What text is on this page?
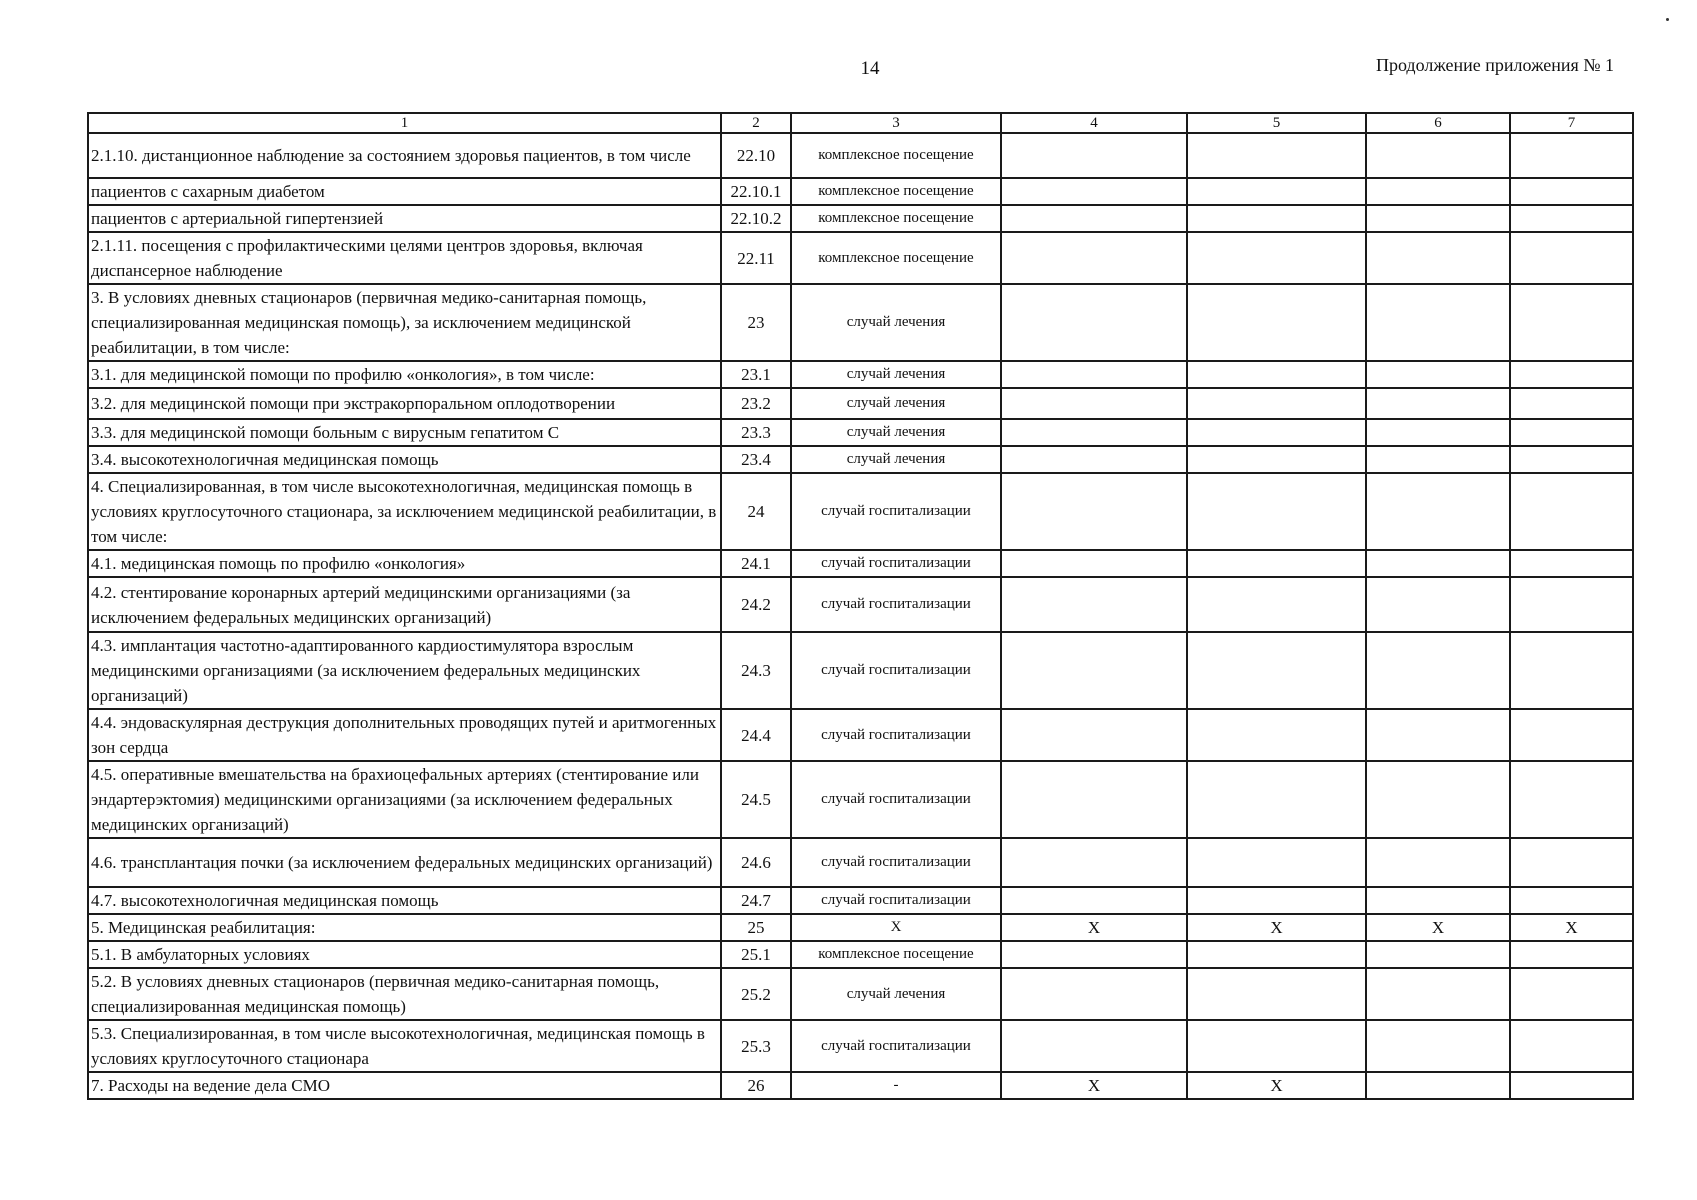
14	Продолжение приложения № 1
1	2	3	4	5	6	7
2.1.10. дистанционное наблюдение за состоянием здоровья пациентов, в том числе	22.10	комплексное посещение				
пациентов с сахарным диабетом	22.10.1	комплексное посещение				
пациентов с артериальной гипертензией	22.10.2	комплексное посещение				
2.1.11. посещения с профилактическими целями центров здоровья, включая диспансерное наблюдение	22.11	комплексное посещение				
3. В условиях дневных стационаров (первичная медико-санитарная помощь, специализированная медицинская помощь), за исключением медицинской реабилитации, в том числе:	23	случай лечения				
3.1. для медицинской помощи по профилю «онкология», в том числе:	23.1	случай лечения				
3.2. для медицинской помощи при экстракорпоральном оплодотворении	23.2	случай лечения				
3.3. для медицинской помощи больным с вирусным гепатитом С	23.3	случай лечения				
3.4. высокотехнологичная медицинская помощь	23.4	случай лечения				
4. Специализированная, в том числе высокотехнологичная, медицинская помощь в условиях круглосуточного стационара, за исключением медицинской реабилитации, в том числе:	24	случай госпитализации				
4.1. медицинская помощь по профилю «онкология»	24.1	случай госпитализации				
4.2. стентирование коронарных артерий медицинскими организациями (за исключением федеральных медицинских организаций)	24.2	случай госпитализации				
4.3. имплантация частотно-адаптированного кардиостимулятора взрослым медицинскими организациями (за исключением федеральных медицинских организаций)	24.3	случай госпитализации				
4.4. эндоваскулярная деструкция дополнительных проводящих путей и аритмогенных зон сердца	24.4	случай госпитализации				
4.5. оперативные вмешательства на брахиоцефальных артериях (стентирование или эндартерэктомия) медицинскими организациями (за исключением федеральных медицинских организаций)	24.5	случай госпитализации				
4.6. трансплантация почки (за исключением федеральных медицинских организаций)	24.6	случай госпитализации				
4.7. высокотехнологичная медицинская помощь	24.7	случай госпитализации				
5. Медицинская реабилитация:	25	X	X	X	X	X
5.1. В амбулаторных условиях	25.1	комплексное посещение				
5.2. В условиях дневных стационаров (первичная медико-санитарная помощь, специализированная медицинская помощь)	25.2	случай лечения				
5.3. Специализированная, в том числе высокотехнологичная, медицинская помощь в условиях круглосуточного стационара	25.3	случай госпитализации				
7. Расходы на ведение дела СМО	26	-	X	X		
